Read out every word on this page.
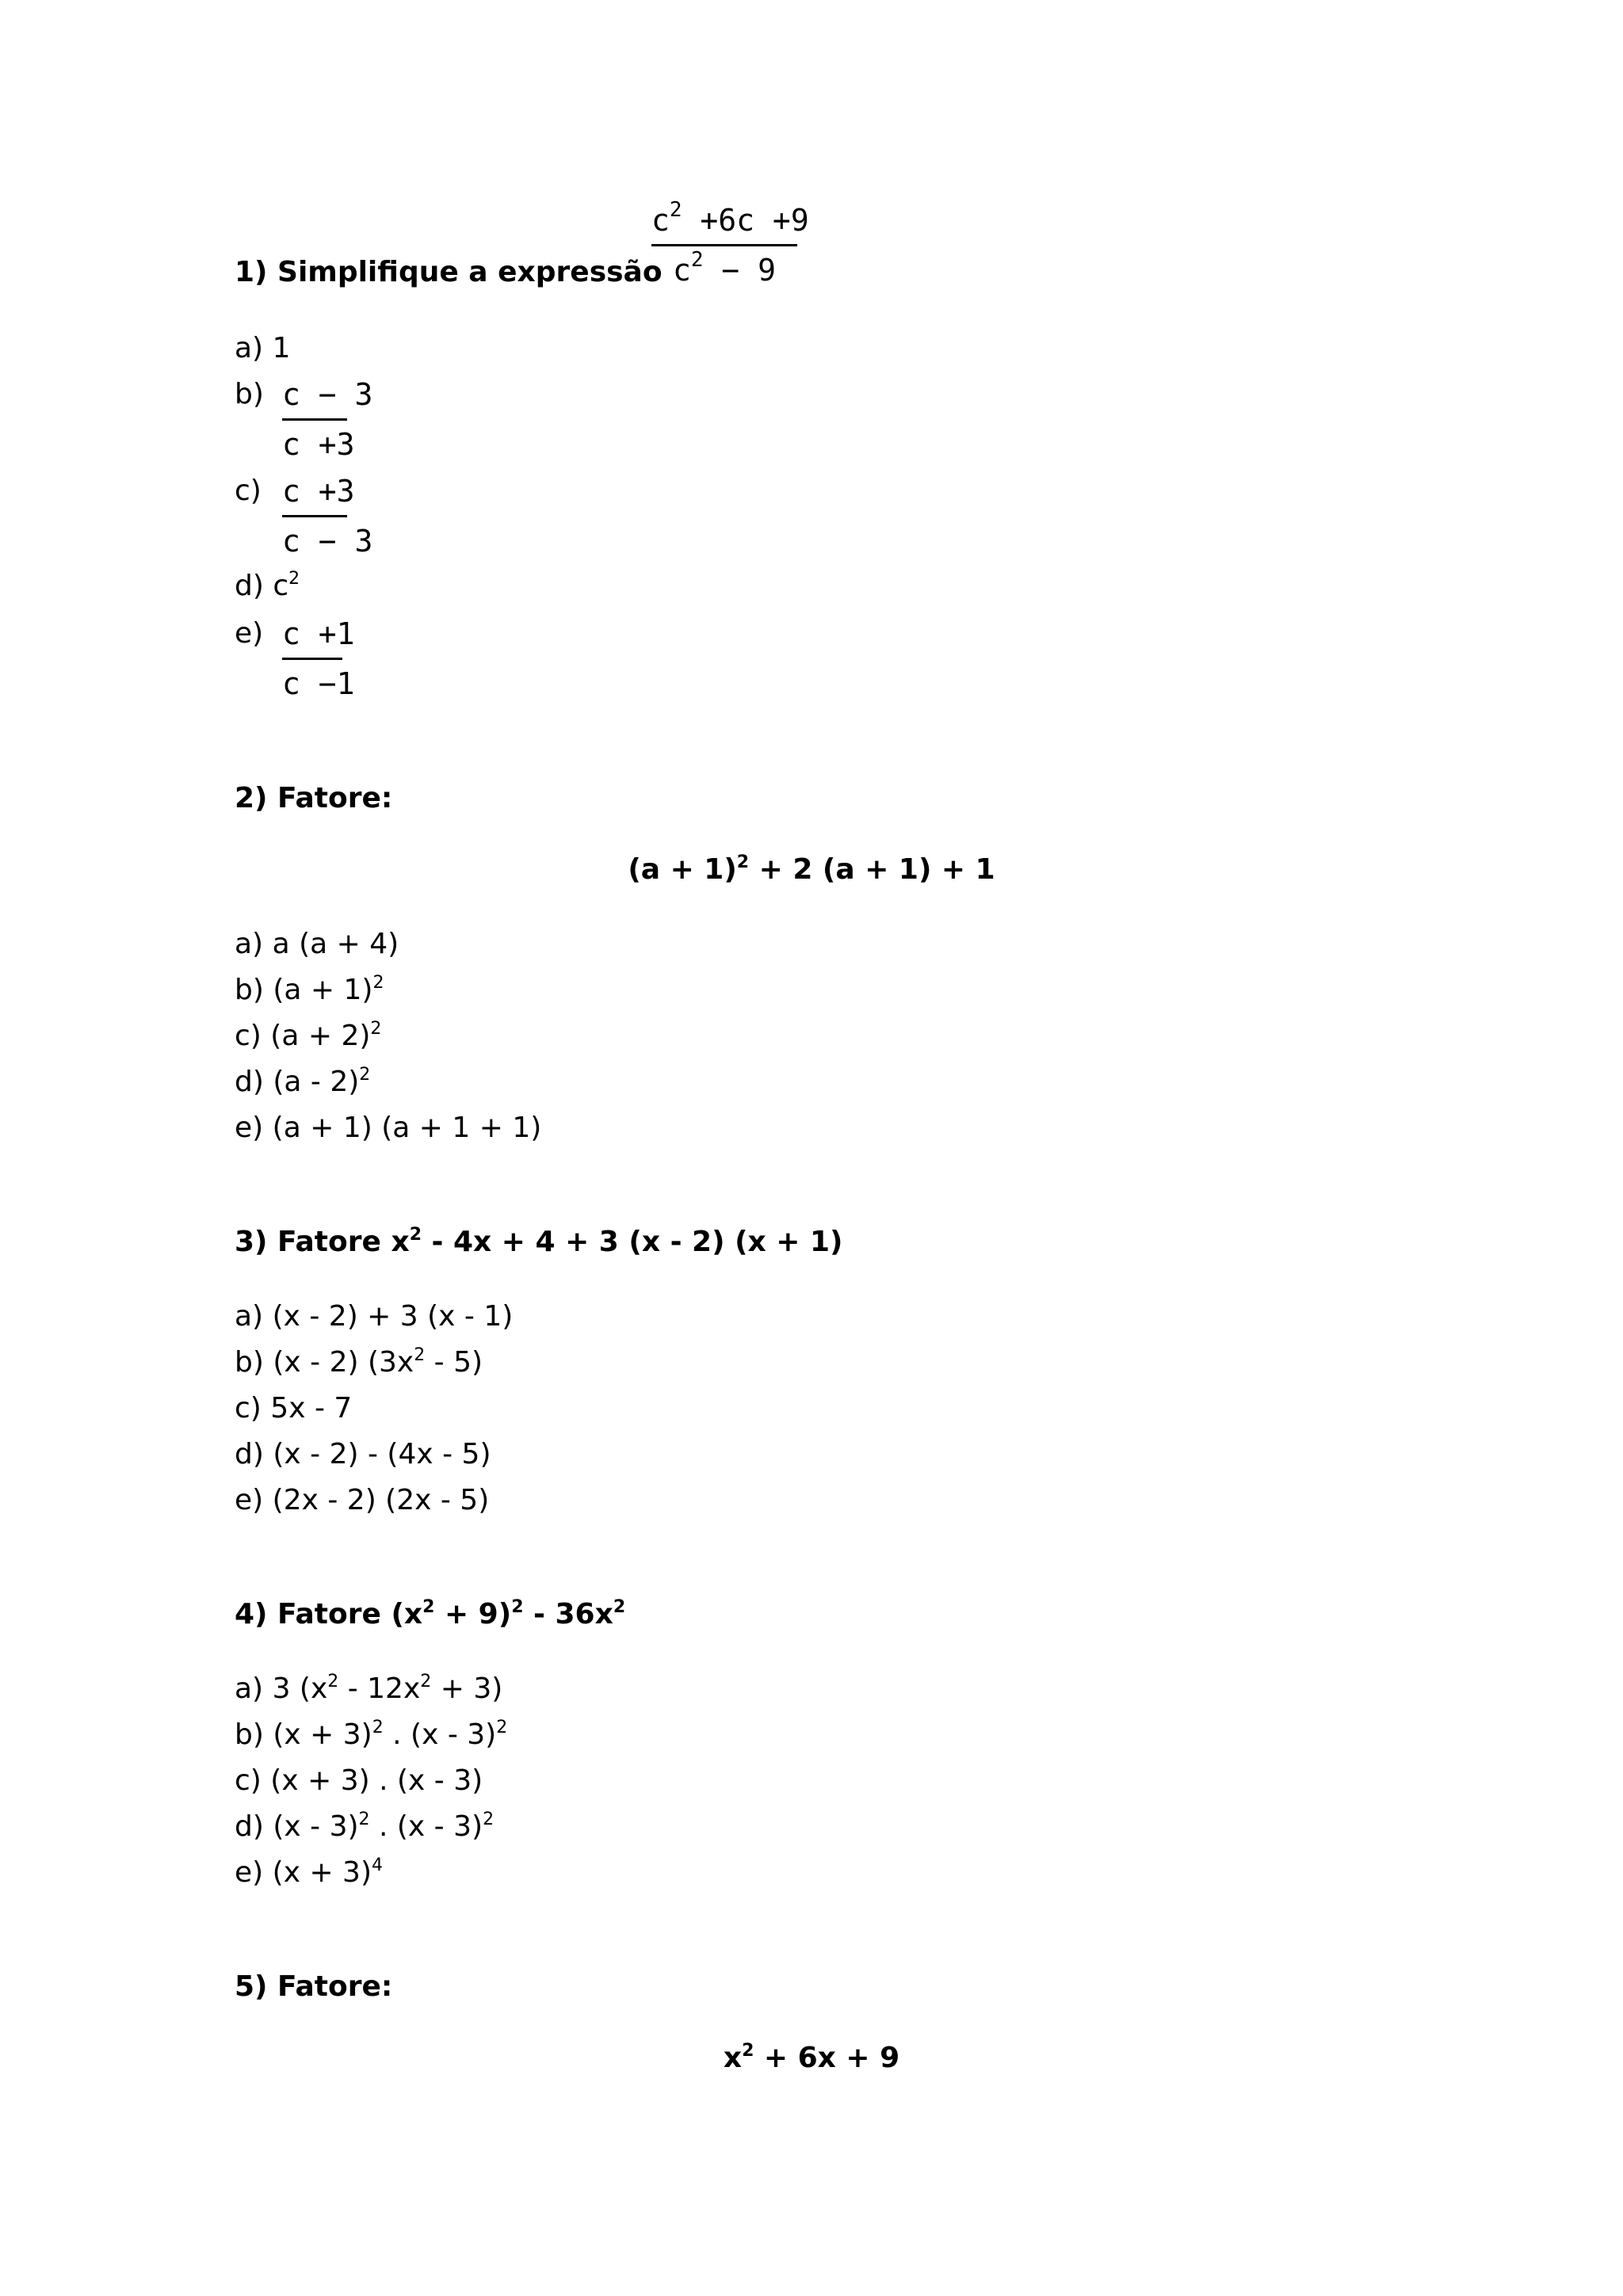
1) Simplifique a expressão
$c^2 +6c +9$
$c^2 - 9$
a) 1
b) c − 3
c +3
c) c +3
c − 3
d) $c^2$
e) c +1
c −1
2) Fatore:
$(a + 1)^2 + 2$ (a + 1) + 1
a) a (a + 4)
b) $(a + 1)^2$
c) $(a + 2)^2$
d) (a - 2)$^2$
e) (a + 1) (a + 1 + 1)
3) Fatore $x^2 - 4x + 4 + 3$ (x - 2) (x + 1)
a) (x - 2) + 3 (x - 1)
b) (x - 2) $(3x^2 - 5)$
c) 5x - 7
d) (x - 2) - (4x - 5)
e) (2x - 2) (2x - 5)
4) Fatore $(x^2 + 9)^2 - 36x^2$
a) 3 $(x^2 - 12x^2 + 3)$
b) $(x + 3)^2$ . (x - 3)$^2$
c) (x + 3) . (x - 3)
d) (x - 3)$^2$ . (x - 3)$^2$
e) $(x + 3)^4$
5) Fatore:
$x^2 + 6x + 9$
